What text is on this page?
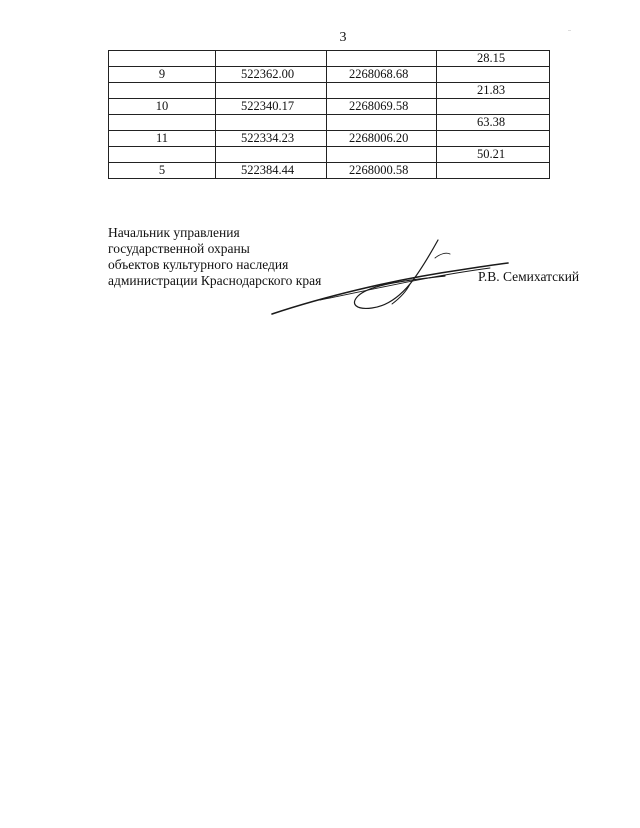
3
			28.15
9	522362.00	2268068.68	
			21.83
10	522340.17	2268069.58	
			63.38
11	522334.23	2268006.20	
			50.21
5	522384.44	2268000.58	
Начальник управления
государственной охраны
объектов культурного наследия
администрации Краснодарского края	Р.В. Семихатский
